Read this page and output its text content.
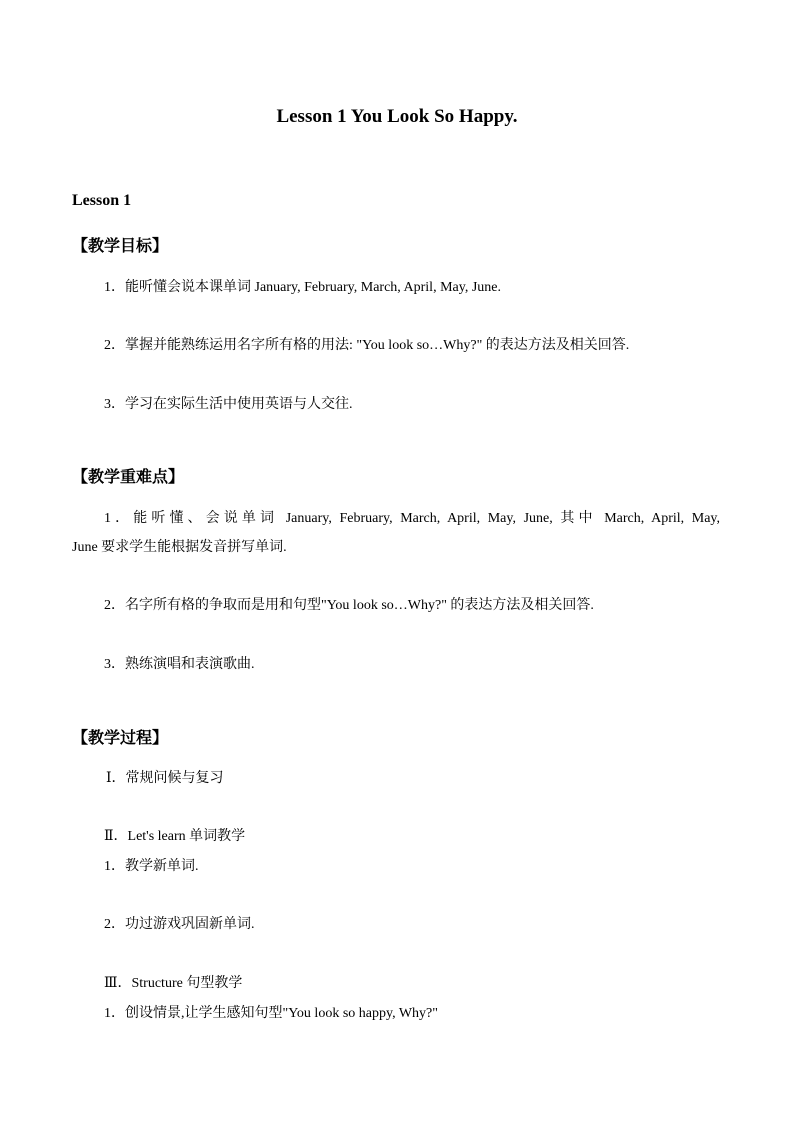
Lesson 1 You Look So Happy.
Lesson 1
【教学目标】
1．能听懂会说本课单词 January, February, March, April, May, June.
2．掌握并能熟练运用名字所有格的用法: "You look so…Why?" 的表达方法及相关回答.
3．学习在实际生活中使用英语与人交往.
【教学重难点】
1．能听懂、会说单词 January, February, March, April, May, June, 其中 March, April, May,
June 要求学生能根据发音拼写单词.
2．名字所有格的争取而是用和句型"You look so…Why?" 的表达方法及相关回答.
3．熟练演唱和表演歌曲.
【教学过程】
Ⅰ．常规问候与复习
Ⅱ．Let's learn 单词教学
1．教学新单词.
2．功过游戏巩固新单词.
Ⅲ．Structure 句型教学
1．创设情景,让学生感知句型"You look so happy, Why?"
